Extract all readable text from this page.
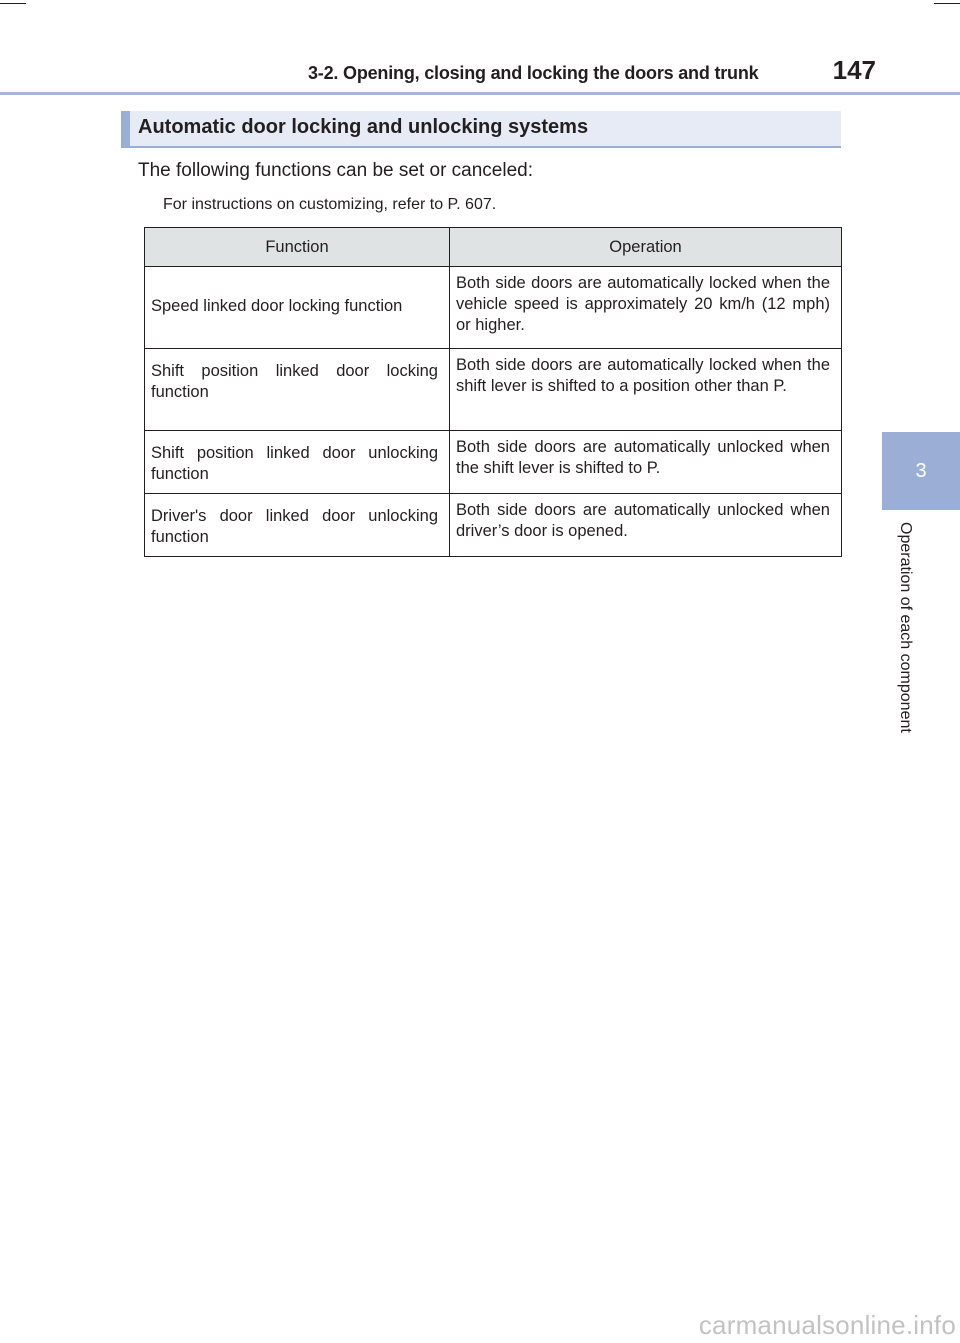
3-2. Opening, closing and locking the doors and trunk	147
3
Operation of each component
Automatic door locking and unlocking systems
The following functions can be set or canceled:
For instructions on customizing, refer to P. 607.
Function	Operation
Speed linked door locking function	Both side doors are automatically locked when the vehicle speed is approximately 20 km/h (12 mph) or higher.
Shift position linked door locking function	Both side doors are automatically locked when the shift lever is shifted to a position other than P.
Shift position linked door unlocking function	Both side doors are automatically unlocked when the shift lever is shifted to P.
Driver's door linked door unlocking function	Both side doors are automatically unlocked when driver’s door is opened.
carmanualsonline.info
